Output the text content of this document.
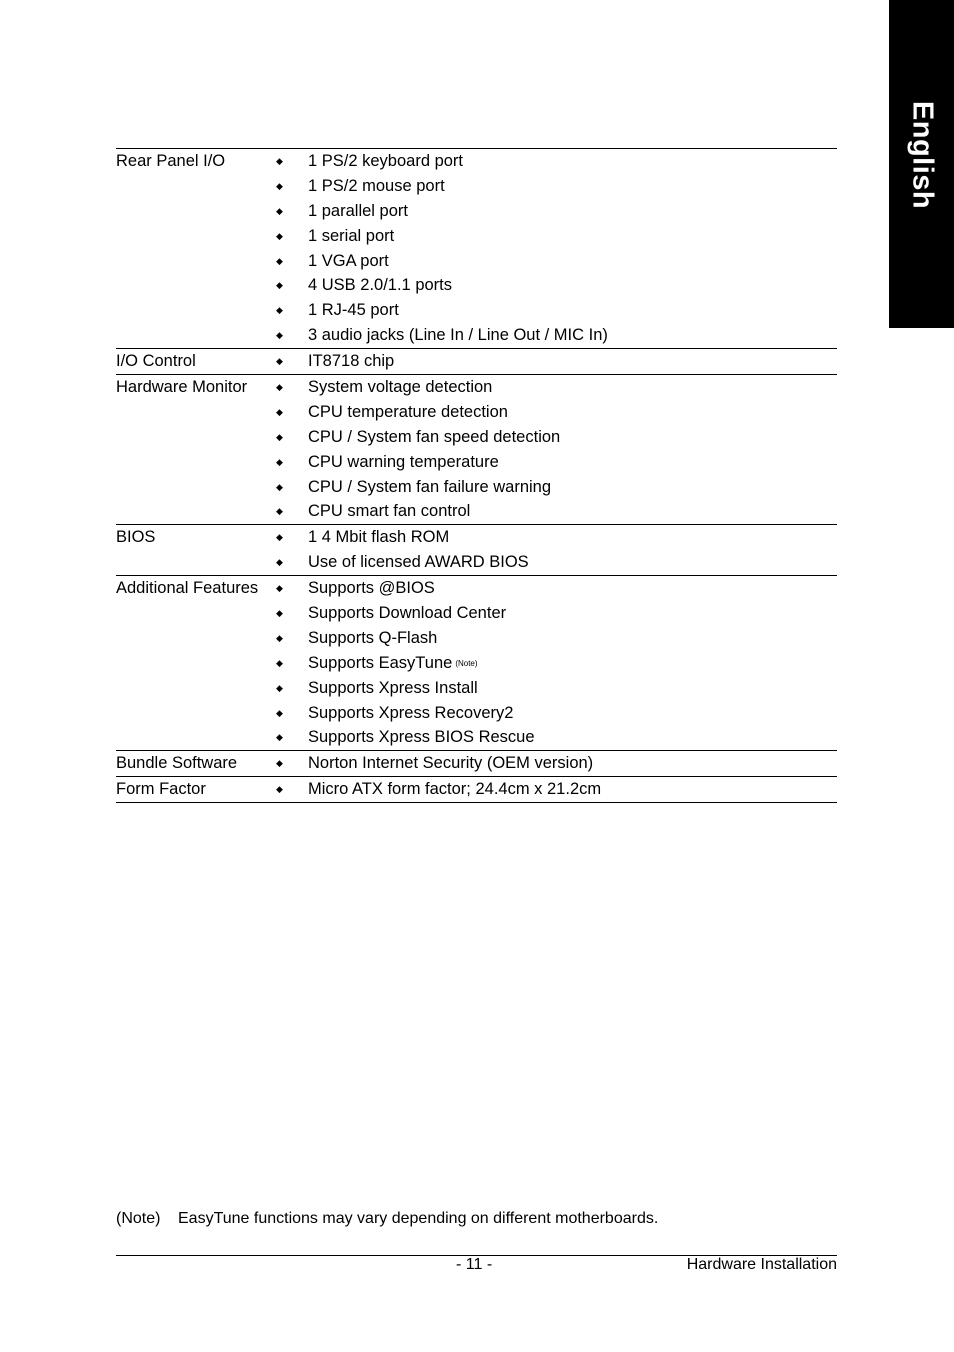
English
Rear Panel I/O	◆	1 PS/2 keyboard port
◆	1 PS/2 mouse port
◆	1 parallel port
◆	1 serial port
◆	1 VGA port
◆	4 USB 2.0/1.1 ports
◆	1 RJ-45 port
◆	3 audio jacks (Line In / Line Out / MIC In)
I/O Control	◆	IT8718 chip
Hardware Monitor	◆	System voltage detection
◆	CPU temperature detection
◆	CPU / System fan speed detection
◆	CPU warning temperature
◆	CPU / System fan failure warning
◆	CPU smart fan control
BIOS	◆	1 4 Mbit flash ROM
◆	Use of licensed AWARD BIOS
Additional Features	◆	Supports @BIOS
◆	Supports Download Center
◆	Supports Q-Flash
◆	Supports EasyTune (Note)
◆	Supports Xpress Install
◆	Supports Xpress Recovery2
◆	Supports Xpress BIOS Rescue
Bundle Software	◆	Norton Internet Security (OEM version)
Form Factor	◆	Micro ATX form factor; 24.4cm x 21.2cm
(Note) EasyTune functions may vary depending on different motherboards.
- 11 -	Hardware Installation
